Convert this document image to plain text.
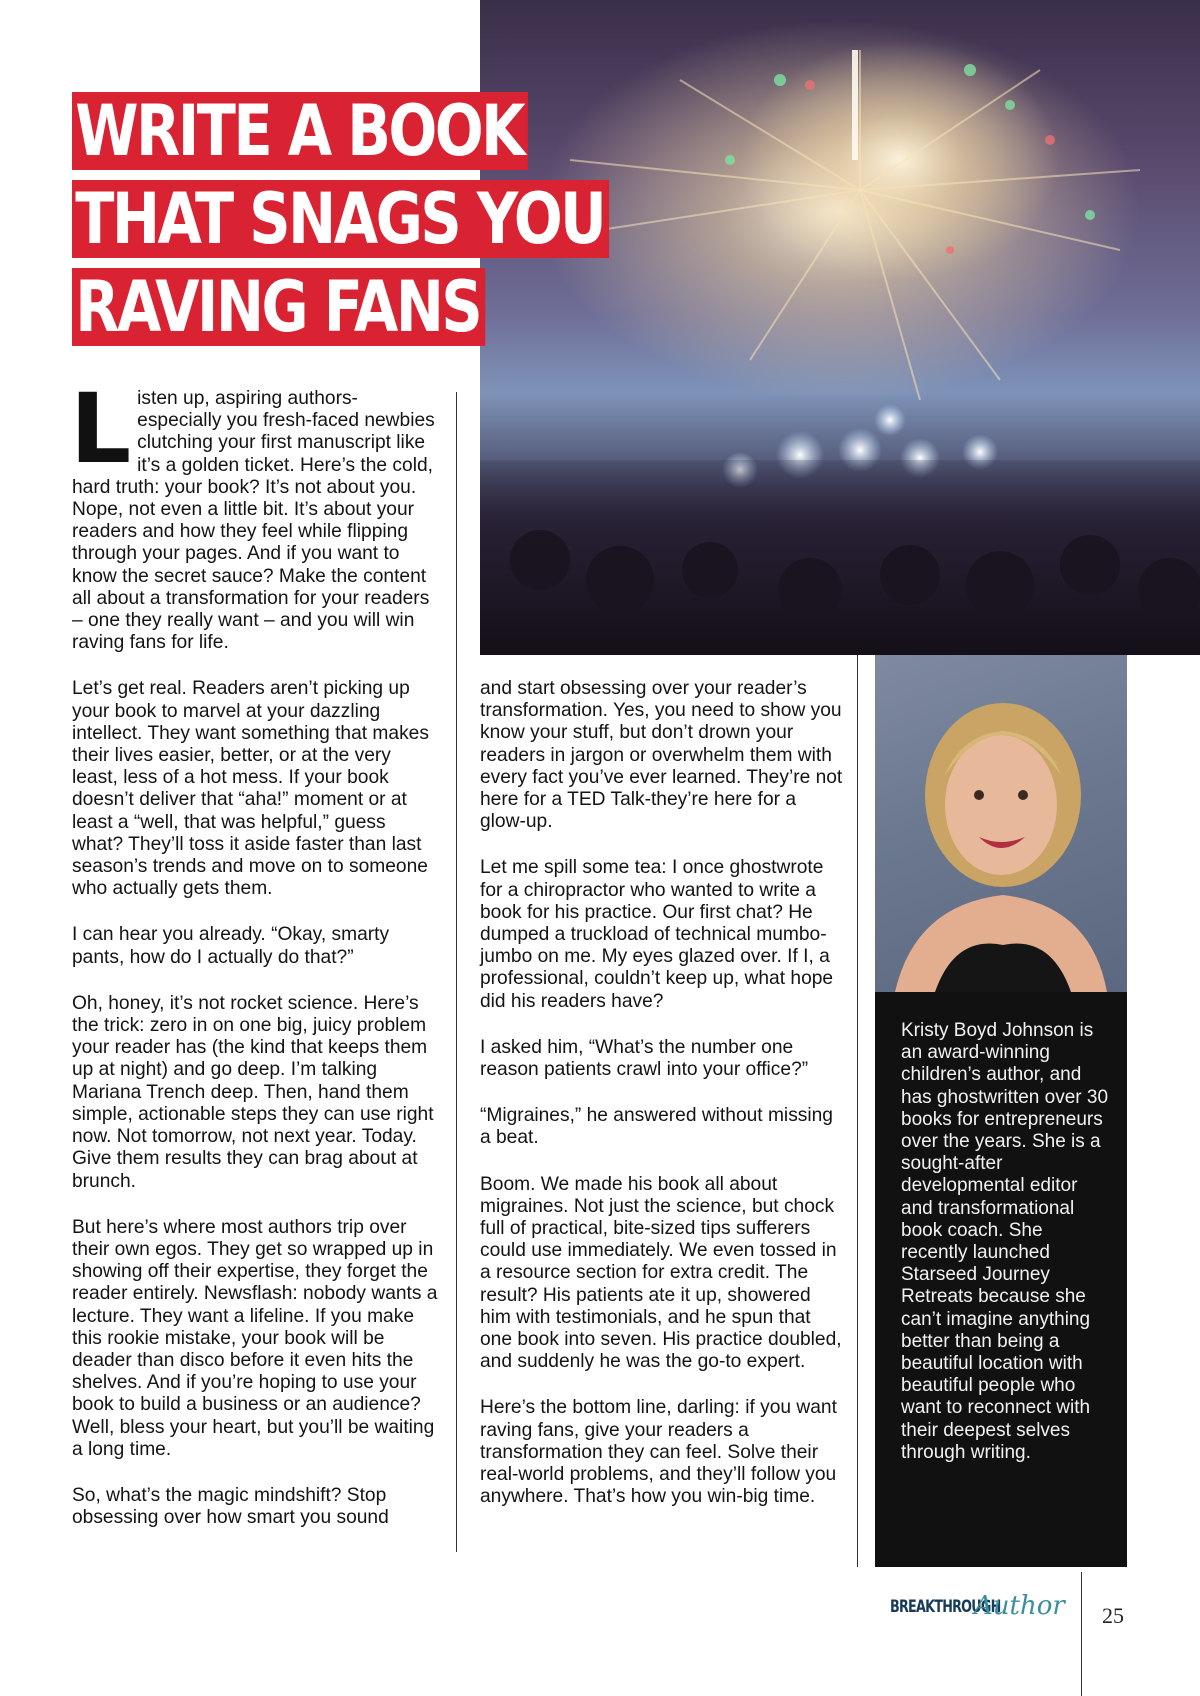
WRITE A BOOK
THAT SNAGS YOU
RAVING FANS

Listen up, aspiring authors-especially you fresh-faced newbies clutching your first manuscript like it’s a golden ticket. Here’s the cold, hard truth: your book? It’s not about you. Nope, not even a little bit. It’s about your readers and how they feel while flipping through your pages. And if you want to know the secret sauce? Make the content all about a transformation for your readers – one they really want – and you will win raving fans for life.

Let’s get real. Readers aren’t picking up your book to marvel at your dazzling intellect. They want something that makes their lives easier, better, or at the very least, less of a hot mess. If your book doesn’t deliver that “aha!” moment or at least a “well, that was helpful,” guess what? They’ll toss it aside faster than last season’s trends and move on to someone who actually gets them.

I can hear you already. “Okay, smarty pants, how do I actually do that?”

Oh, honey, it’s not rocket science. Here’s the trick: zero in on one big, juicy problem your reader has (the kind that keeps them up at night) and go deep. I’m talking Mariana Trench deep. Then, hand them simple, actionable steps they can use right now. Not tomorrow, not next year. Today. Give them results they can brag about at brunch.

But here’s where most authors trip over their own egos. They get so wrapped up in showing off their expertise, they forget the reader entirely. Newsflash: nobody wants a lecture. They want a lifeline. If you make this rookie mistake, your book will be deader than disco before it even hits the shelves. And if you’re hoping to use your book to build a business or an audience? Well, bless your heart, but you’ll be waiting a long time.

So, what’s the magic mindshift? Stop obsessing over how smart you sound

and start obsessing over your reader’s transformation. Yes, you need to show you know your stuff, but don’t drown your readers in jargon or overwhelm them with every fact you’ve ever learned. They’re not here for a TED Talk-they’re here for a glow-up.

Let me spill some tea: I once ghostwrote for a chiropractor who wanted to write a book for his practice. Our first chat? He dumped a truckload of technical mumbo-jumbo on me. My eyes glazed over. If I, a professional, couldn’t keep up, what hope did his readers have?

I asked him, “What’s the number one reason patients crawl into your office?”

“Migraines,” he answered without missing a beat.

Boom. We made his book all about migraines. Not just the science, but chock full of practical, bite-sized tips sufferers could use immediately. We even tossed in a resource section for extra credit. The result? His patients ate it up, showered him with testimonials, and he spun that one book into seven. His practice doubled, and suddenly he was the go-to expert.

Here’s the bottom line, darling: if you want raving fans, give your readers a transformation they can feel. Solve their real-world problems, and they’ll follow you anywhere. That’s how you win-big time.

Kristy Boyd Johnson is an award-winning children’s author, and has ghostwritten over 30 books for entrepreneurs over the years. She is a sought-after developmental editor and transformational book coach. She recently launched Starseed Journey Retreats because she can’t imagine anything better than being a beautiful location with beautiful people who want to reconnect with their deepest selves through writing.
BREAKTHROUGH
Author 25
